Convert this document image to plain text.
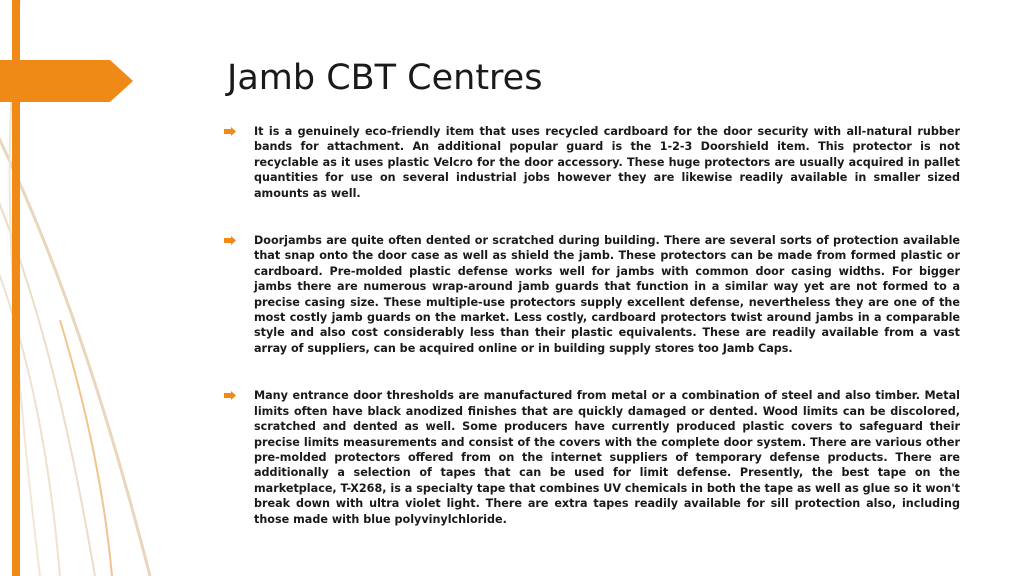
Jamb CBT Centres
It is a genuinely eco-friendly item that uses recycled cardboard for the door security with all-natural rubber bands for attachment. An additional popular guard is the 1-2-3 Doorshield item. This protector is not recyclable as it uses plastic Velcro for the door accessory. These huge protectors are usually acquired in pallet quantities for use on several industrial jobs however they are likewise readily available in smaller sized amounts as well.
Doorjambs are quite often dented or scratched during building. There are several sorts of protection available that snap onto the door case as well as shield the jamb. These protectors can be made from formed plastic or cardboard. Pre-molded plastic defense works well for jambs with common door casing widths. For bigger jambs there are numerous wrap-around jamb guards that function in a similar way yet are not formed to a precise casing size. These multiple-use protectors supply excellent defense, nevertheless they are one of the most costly jamb guards on the market. Less costly, cardboard protectors twist around jambs in a comparable style and also cost considerably less than their plastic equivalents. These are readily available from a vast array of suppliers, can be acquired online or in building supply stores too Jamb Caps.
Many entrance door thresholds are manufactured from metal or a combination of steel and also timber. Metal limits often have black anodized finishes that are quickly damaged or dented. Wood limits can be discolored, scratched and dented as well. Some producers have currently produced plastic covers to safeguard their precise limits measurements and consist of the covers with the complete door system. There are various other pre-molded protectors offered from on the internet suppliers of temporary defense products. There are additionally a selection of tapes that can be used for limit defense. Presently, the best tape on the marketplace, T-X268, is a specialty tape that combines UV chemicals in both the tape as well as glue so it won't break down with ultra violet light. There are extra tapes readily available for sill protection also, including those made with blue polyvinylchloride.
